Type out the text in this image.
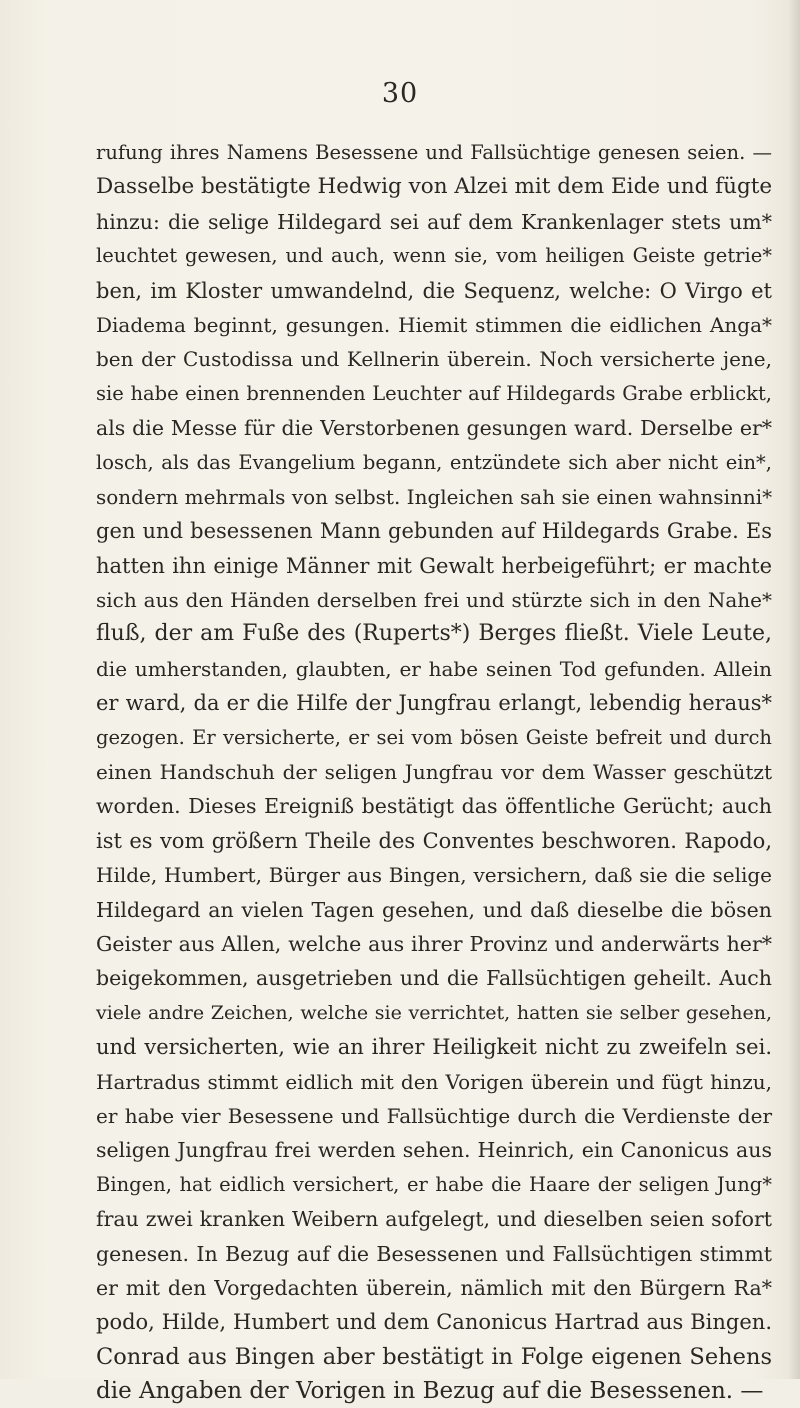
30
rufung ihres Namens Besessene und Fallsüchtige genesen seien. —
Dasselbe bestätigte Hedwig von Alzei mit dem Eide und fügte
hinzu: die selige Hildegard sei auf dem Krankenlager stets um*
leuchtet gewesen, und auch, wenn sie, vom heiligen Geiste getrie*
ben, im Kloster umwandelnd, die Sequenz, welche: O Virgo et
Diadema beginnt, gesungen. Hiemit stimmen die eidlichen Anga*
ben der Custodissa und Kellnerin überein. Noch versicherte jene,
sie habe einen brennenden Leuchter auf Hildegards Grabe erblickt,
als die Messe für die Verstorbenen gesungen ward. Derselbe er*
losch, als das Evangelium begann, entzündete sich aber nicht ein*,
sondern mehrmals von selbst. Ingleichen sah sie einen wahnsinni*
gen und besessenen Mann gebunden auf Hildegards Grabe. Es
hatten ihn einige Männer mit Gewalt herbeigeführt; er machte
sich aus den Händen derselben frei und stürzte sich in den Nahe*
fluß, der am Fuße des (Ruperts*) Berges fließt. Viele Leute,
die umherstanden, glaubten, er habe seinen Tod gefunden. Allein
er ward, da er die Hilfe der Jungfrau erlangt, lebendig heraus*
gezogen. Er versicherte, er sei vom bösen Geiste befreit und durch
einen Handschuh der seligen Jungfrau vor dem Wasser geschützt
worden. Dieses Ereigniß bestätigt das öffentliche Gerücht; auch
ist es vom größern Theile des Conventes beschworen. Rapodo,
Hilde, Humbert, Bürger aus Bingen, versichern, daß sie die selige
Hildegard an vielen Tagen gesehen, und daß dieselbe die bösen
Geister aus Allen, welche aus ihrer Provinz und anderwärts her*
beigekommen, ausgetrieben und die Fallsüchtigen geheilt. Auch
viele andre Zeichen, welche sie verrichtet, hatten sie selber gesehen,
und versicherten, wie an ihrer Heiligkeit nicht zu zweifeln sei.
Hartradus stimmt eidlich mit den Vorigen überein und fügt hinzu,
er habe vier Besessene und Fallsüchtige durch die Verdienste der
seligen Jungfrau frei werden sehen. Heinrich, ein Canonicus aus
Bingen, hat eidlich versichert, er habe die Haare der seligen Jung*
frau zwei kranken Weibern aufgelegt, und dieselben seien sofort
genesen. In Bezug auf die Besessenen und Fallsüchtigen stimmt
er mit den Vorgedachten überein, nämlich mit den Bürgern Ra*
podo, Hilde, Humbert und dem Canonicus Hartrad aus Bingen.
Conrad aus Bingen aber bestätigt in Folge eigenen Sehens
die Angaben der Vorigen in Bezug auf die Besessenen. —
